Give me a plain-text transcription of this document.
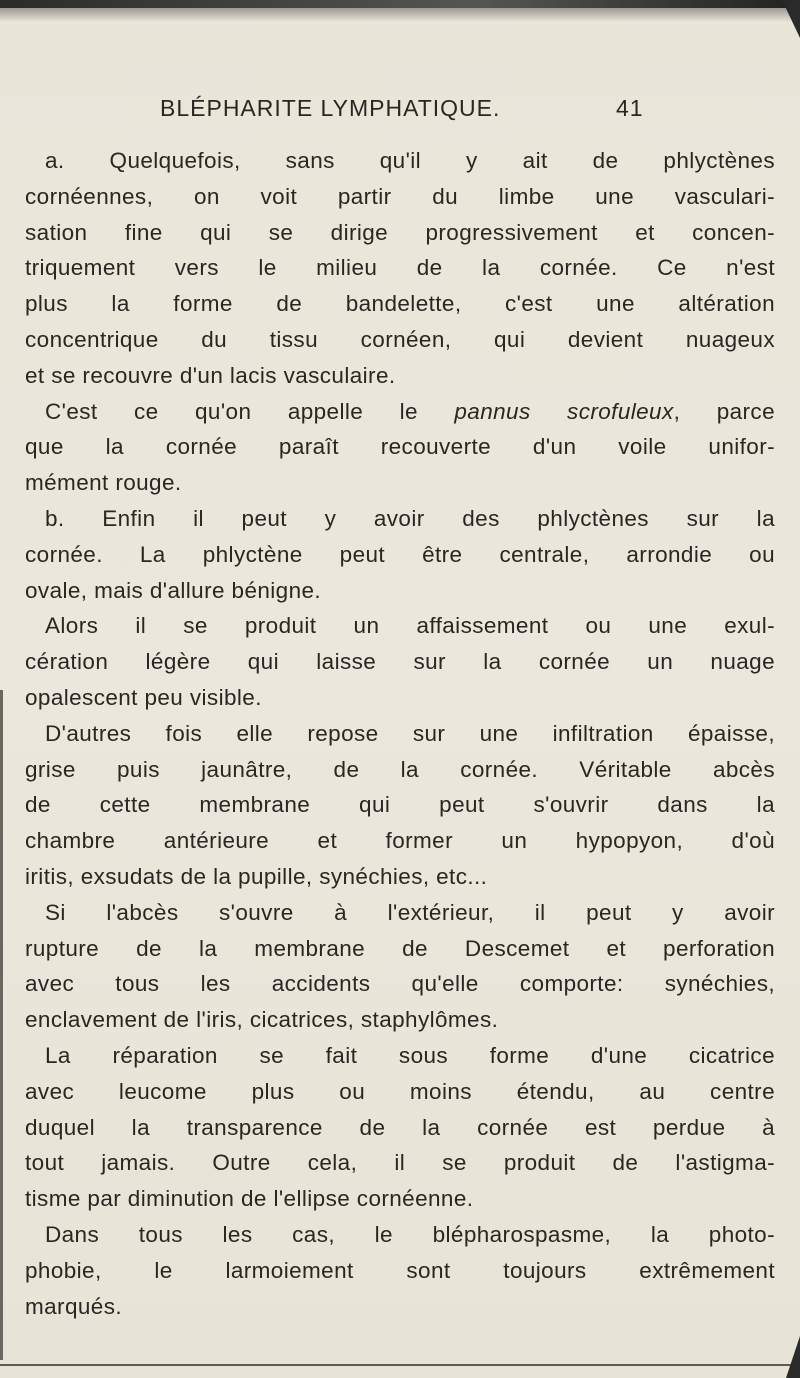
BLÉPHARITE LYMPHATIQUE.	41
a. Quelquefois, sans qu'il y ait de phlyctènes
cornéennes, on voit partir du limbe une vasculari-
sation fine qui se dirige progressivement et concen-
triquement vers le milieu de la cornée. Ce n'est
plus la forme de bandelette, c'est une altération
concentrique du tissu cornéen, qui devient nuageux
et se recouvre d'un lacis vasculaire.
C'est ce qu'on appelle le pannus scrofuleux, parce
que la cornée paraît recouverte d'un voile unifor-
mément rouge.
b. Enfin il peut y avoir des phlyctènes sur la
cornée. La phlyctène peut être centrale, arrondie ou
ovale, mais d'allure bénigne.
Alors il se produit un affaissement ou une exul-
cération légère qui laisse sur la cornée un nuage
opalescent peu visible.
D'autres fois elle repose sur une infiltration épaisse,
grise puis jaunâtre, de la cornée. Véritable abcès
de cette membrane qui peut s'ouvrir dans la
chambre antérieure et former un hypopyon, d'où
iritis, exsudats de la pupille, synéchies, etc...
Si l'abcès s'ouvre à l'extérieur, il peut y avoir
rupture de la membrane de Descemet et perforation
avec tous les accidents qu'elle comporte: synéchies,
enclavement de l'iris, cicatrices, staphylômes.
La réparation se fait sous forme d'une cicatrice
avec leucome plus ou moins étendu, au centre
duquel la transparence de la cornée est perdue à
tout jamais. Outre cela, il se produit de l'astigma-
tisme par diminution de l'ellipse cornéenne.
Dans tous les cas, le blépharospasme, la photo-
phobie, le larmoiement sont toujours extrêmement
marqués.
